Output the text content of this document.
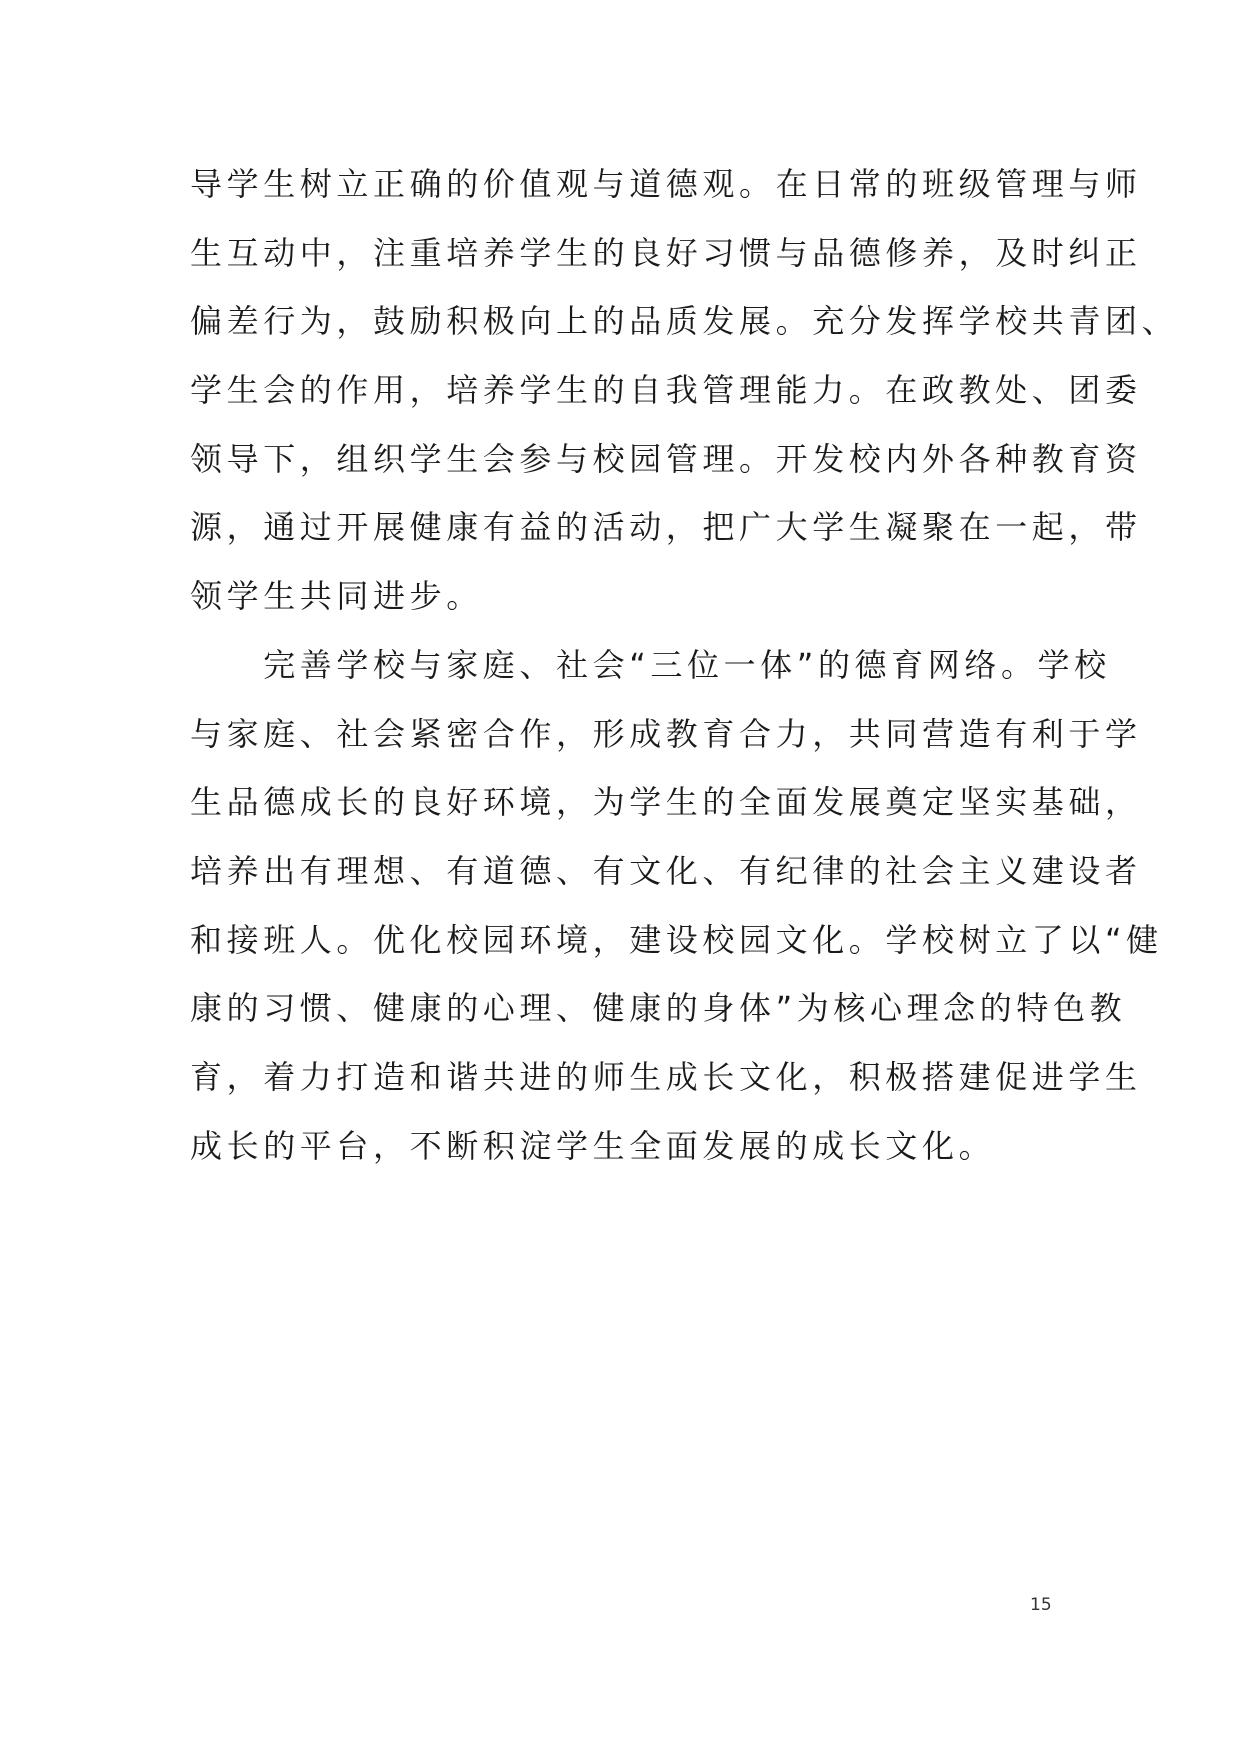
导学生树立正确的价值观与道德观。在日常的班级管理与师
生互动中，注重培养学生的良好习惯与品德修养，及时纠正
偏差行为，鼓励积极向上的品质发展。充分发挥学校共青团、
学生会的作用，培养学生的自我管理能力。在政教处、团委
领导下，组织学生会参与校园管理。开发校内外各种教育资
源，通过开展健康有益的活动，把广大学生凝聚在一起，带
领学生共同进步。
　　完善学校与家庭、社会“三位一体”的德育网络。学校
与家庭、社会紧密合作，形成教育合力，共同营造有利于学
生品德成长的良好环境，为学生的全面发展奠定坚实基础，
培养出有理想、有道德、有文化、有纪律的社会主义建设者
和接班人。优化校园环境，建设校园文化。学校树立了以“健
康的习惯、健康的心理、健康的身体”为核心理念的特色教
育，着力打造和谐共进的师生成长文化，积极搭建促进学生
成长的平台，不断积淀学生全面发展的成长文化。
15
